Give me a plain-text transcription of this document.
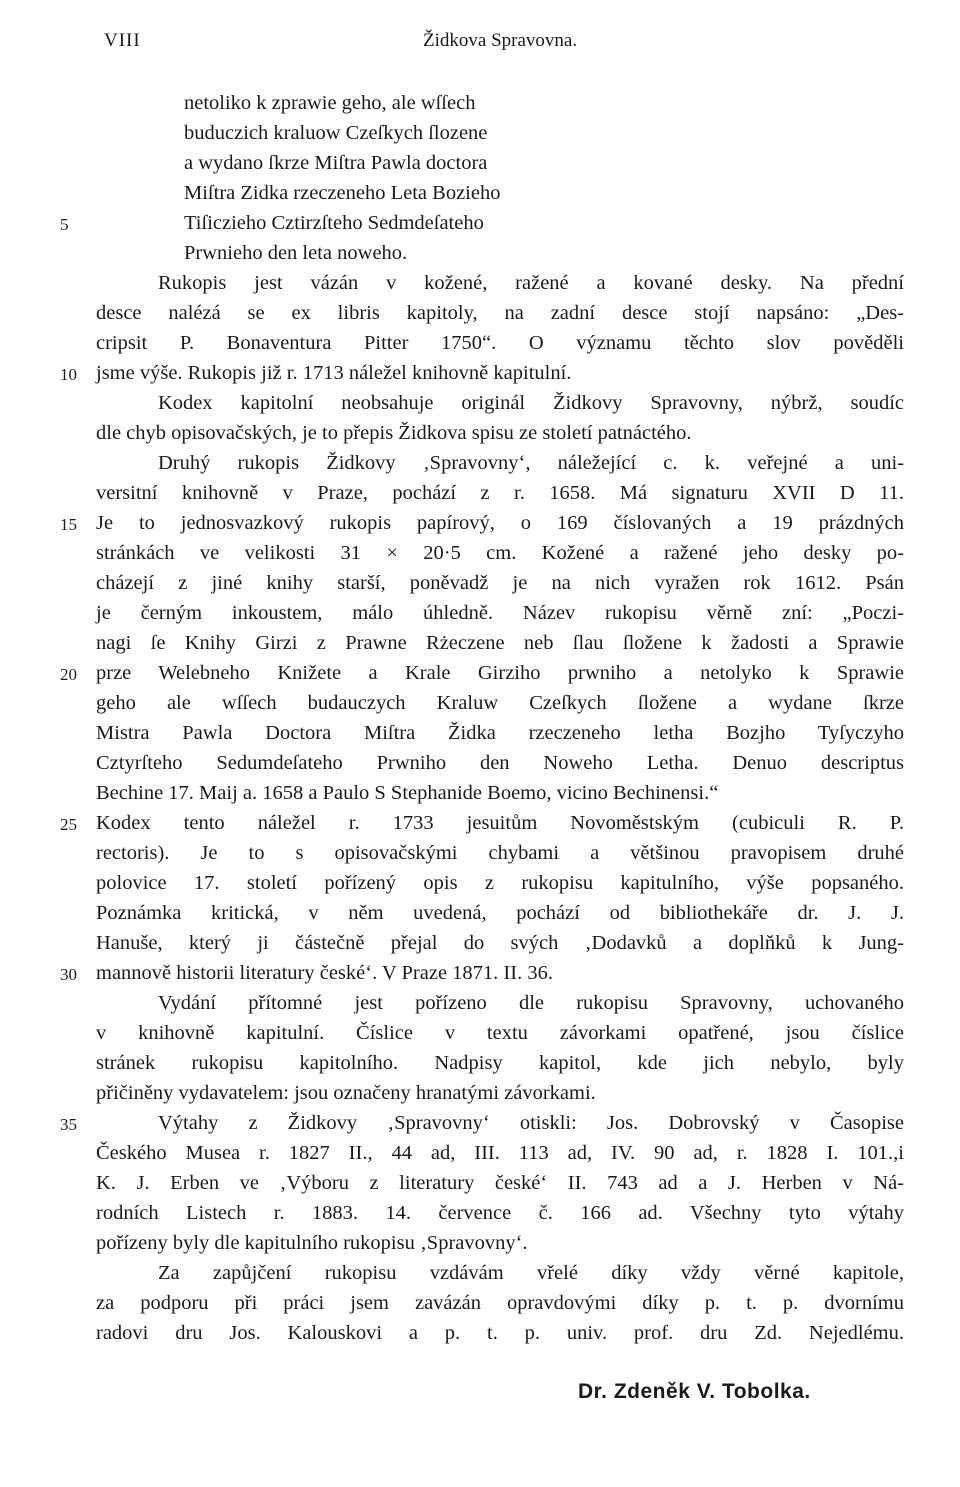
VIII	Židkova Spravovna.
netoliko k zprawie geho, ale wſſech
buduczich kraluow Czeſkych ſlozene
a wydano ſkrze Miſtra Pawla doctora
Miſtra Zidka rzeczeneho Leta Bozieho
Tiſiczieho Cztirzſteho Sedmdeſateho
Prwnieho den leta noweho.
Rukopis jest vázán v kožené, ražené a kované desky. Na přední
desce nalézá se ex libris kapitoly, na zadní desce stojí napsáno: „Des-
cripsit P. Bonaventura Pitter 1750“. O významu těchto slov pověděli
jsme výše. Rukopis již r. 1713 náležel knihovně kapitulní.
Kodex kapitolní neobsahuje originál Židkovy Spravovny, nýbrž, soudíc
dle chyb opisovačských, je to přepis Židkova spisu ze století patnáctého.
Druhý rukopis Židkovy ‚Spravovny‘, náležející c. k. veřejné a uni-
versitní knihovně v Praze, pochází z r. 1658. Má signaturu XVII D 11.
Je to jednosvazkový rukopis papírový, o 169 číslovaných a 19 prázdných
stránkách ve velikosti 31 × 20·5 cm. Kožené a ražené jeho desky po-
cházejí z jiné knihy starší, poněvadž je na nich vyražen rok 1612. Psán
je černým inkoustem, málo úhledně. Název rukopisu věrně zní: „Poczi-
nagi ſe Knihy Girzi z Prawne Rżeczene neb ſlau ſložene k žadosti a Sprawie
prze Welebneho Knižete a Krale Girziho prwniho a netolyko k Sprawie
geho ale wſſech budauczych Kraluw Czeſkych ſložene a wydane ſkrze
Mistra Pawla Doctora Miſtra Židka rzeczeneho letha Bozjho Tyſyczyho
Cztyrſteho Sedumdeſateho Prwniho den Noweho Letha. Denuo descriptus
Bechine 17. Maij a. 1658 a Paulo S Stephanide Boemo, vicino Bechinensi.“
Kodex tento náležel r. 1733 jesuitům Novoměstským (cubiculi R. P.
rectoris). Je to s opisovačskými chybami a většinou pravopisem druhé
polovice 17. století pořízený opis z rukopisu kapitulního, výše popsaného.
Poznámka kritická, v něm uvedená, pochází od bibliothekáře dr. J. J.
Hanuše, který ji částečně přejal do svých ‚Dodavků a doplňků k Jung-
mannově historii literatury české‘. V Praze 1871. II. 36.
Vydání přítomné jest pořízeno dle rukopisu Spravovny, uchovaného
v knihovně kapitulní. Číslice v textu závorkami opatřené, jsou číslice
stránek rukopisu kapitolního. Nadpisy kapitol, kde jich nebylo, byly
přičiněny vydavatelem: jsou označeny hranatými závorkami.
Výtahy z Židkovy ‚Spravovny‘ otiskli: Jos. Dobrovský v Časopise
Českého Musea r. 1827 II., 44 ad, III. 113 ad, IV. 90 ad, r. 1828 I. 101.,i
K. J. Erben ve ‚Výboru z literatury české‘ II. 743 ad a J. Herben v Ná-
rodních Listech r. 1883. 14. července č. 166 ad. Všechny tyto výtahy
pořízeny byly dle kapitulního rukopisu ‚Spravovny‘.
Za zapůjčení rukopisu vzdávám vřelé díky vždy věrné kapitole,
za podporu při práci jsem zavázán opravdovými díky p. t. p. dvornímu
radovi dru Jos. Kalouskovi a p. t. p. univ. prof. dru Zd. Nejedlému.
5
10
15
20
25
30
35
Dr. Zdeněk V. Tobolka.
